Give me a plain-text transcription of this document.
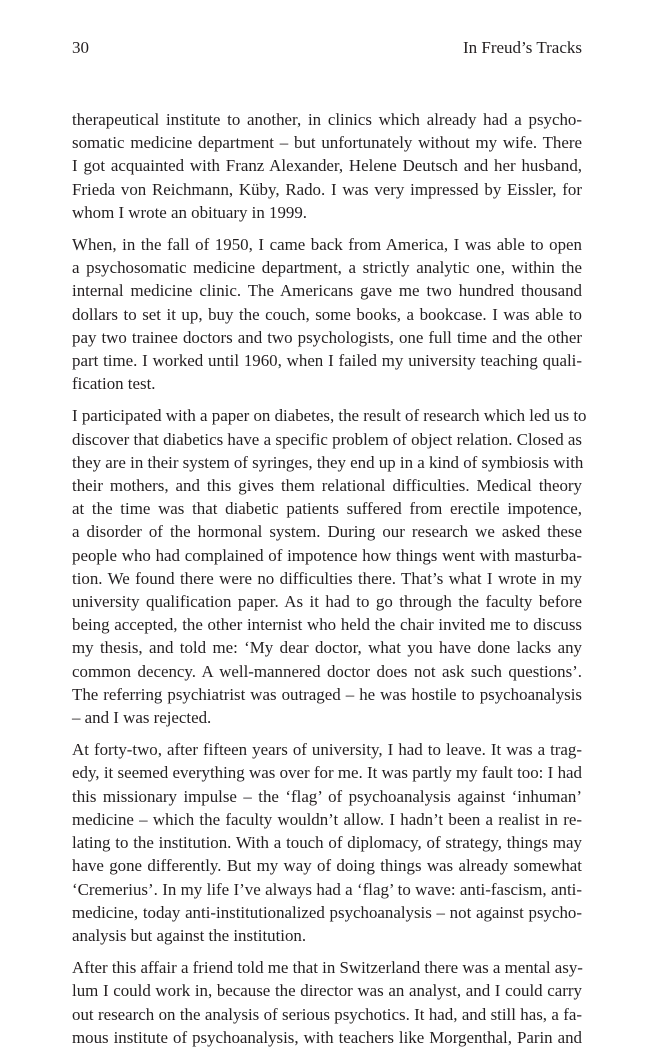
30	In Freud’s Tracks

therapeutical institute to another, in clinics which already had a psycho-
somatic medicine department – but unfortunately without my wife. There
I got acquainted with Franz Alexander, Helene Deutsch and her husband,
Frieda von Reichmann, Küby, Rado. I was very impressed by Eissler, for
whom I wrote an obituary in 1999.

When, in the fall of 1950, I came back from America, I was able to open
a psychosomatic medicine department, a strictly analytic one, within the
internal medicine clinic. The Americans gave me two hundred thousand
dollars to set it up, buy the couch, some books, a bookcase. I was able to
pay two trainee doctors and two psychologists, one full time and the other
part time. I worked until 1960, when I failed my university teaching quali-
fication test.

I participated with a paper on diabetes, the result of research which led us to
discover that diabetics have a specific problem of object relation. Closed as
they are in their system of syringes, they end up in a kind of symbiosis with
their mothers, and this gives them relational difficulties. Medical theory
at the time was that diabetic patients suffered from erectile impotence,
a disorder of the hormonal system. During our research we asked these
people who had complained of impotence how things went with masturba-
tion. We found there were no difficulties there. That’s what I wrote in my
university qualification paper. As it had to go through the faculty before
being accepted, the other internist who held the chair invited me to discuss
my thesis, and told me: ‘My dear doctor, what you have done lacks any
common decency. A well-mannered doctor does not ask such questions’.
The referring psychiatrist was outraged – he was hostile to psychoanalysis
– and I was rejected.

At forty-two, after fifteen years of university, I had to leave. It was a trag-
edy, it seemed everything was over for me. It was partly my fault too: I had
this missionary impulse – the ‘flag’ of psychoanalysis against ‘inhuman’
medicine – which the faculty wouldn’t allow. I hadn’t been a realist in re-
lating to the institution. With a touch of diplomacy, of strategy, things may
have gone differently. But my way of doing things was already somewhat
‘Cremerius’. In my life I’ve always had a ‘flag’ to wave: anti-fascism, anti-
medicine, today anti-institutionalized psychoanalysis – not against psycho-
analysis but against the institution.

After this affair a friend told me that in Switzerland there was a mental asy-
lum I could work in, because the director was an analyst, and I could carry
out research on the analysis of serious psychotics. It had, and still has, a fa-
mous institute of psychoanalysis, with teachers like Morgenthal, Parin and
